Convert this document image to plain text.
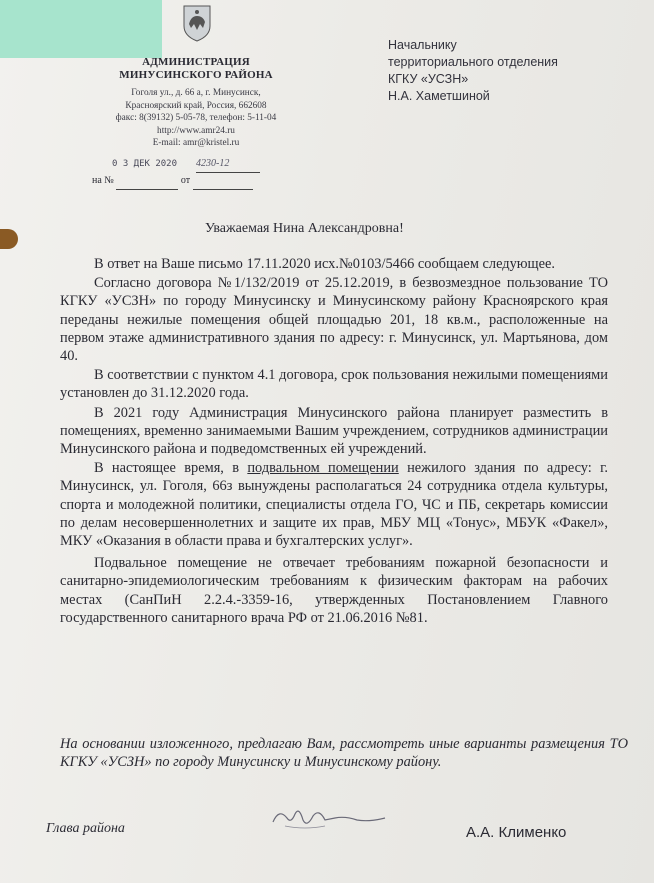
АДМИНИСТРАЦИЯ
МИНУСИНСКОГО РАЙОНА
Гоголя ул., д. 66 а, г. Минусинск,
Красноярский край, Россия, 662608
факс: 8(39132) 5-05-78, телефон: 5-11-04
http://www.amr24.ru
E-mail: amr@kristel.ru
0 3 ДЕК 2020 4230-12
на №	от
Начальнику
территориального отделения
КГКУ «УСЗН»
Н.А. Хаметшиной
Уважаемая Нина Александровна!

В ответ на Ваше письмо 17.11.2020 исх.№0103/5466 сообщаем следующее.

Согласно договора №1/132/2019 от 25.12.2019, в безвозмездное пользование ТО КГКУ «УСЗН» по городу Минусинску и Минусинскому району Красноярского края переданы нежилые помещения общей площадью 201, 18 кв.м., расположенные на первом этаже административного здания по адресу: г. Минусинск, ул. Мартьянова, дом 40.

В соответствии с пунктом 4.1 договора, срок пользования нежилыми помещениями установлен до 31.12.2020 года.

В 2021 году Администрация Минусинского района планирует разместить в помещениях, временно занимаемыми Вашим учреждением, сотрудников администрации Минусинского района и подведомственных ей учреждений.

В настоящее время, в подвальном помещении нежилого здания по адресу: г. Минусинск, ул. Гоголя, 66з вынуждены располагаться 24 сотрудника отдела культуры, спорта и молодежной политики, специалисты отдела ГО, ЧС и ПБ, секретарь комиссии по делам несовершеннолетних и защите их прав, МБУ МЦ «Тонус», МБУК «Факел», МКУ «Оказания в области права и бухгалтерских услуг».

Подвальное помещение не отвечает требованиям пожарной безопасности и санитарно-эпидемиологическим требованиям к физическим факторам на рабочих местах (СанПиН 2.2.4.-3359-16, утвержденных Постановлением Главного государственного санитарного врача РФ от 21.06.2016 №81.

На основании изложенного, предлагаю Вам, рассмотреть иные варианты размещения ТО КГКУ «УСЗН» по городу Минусинску и Минусинскому району.

Глава района	А.А. Клименко
